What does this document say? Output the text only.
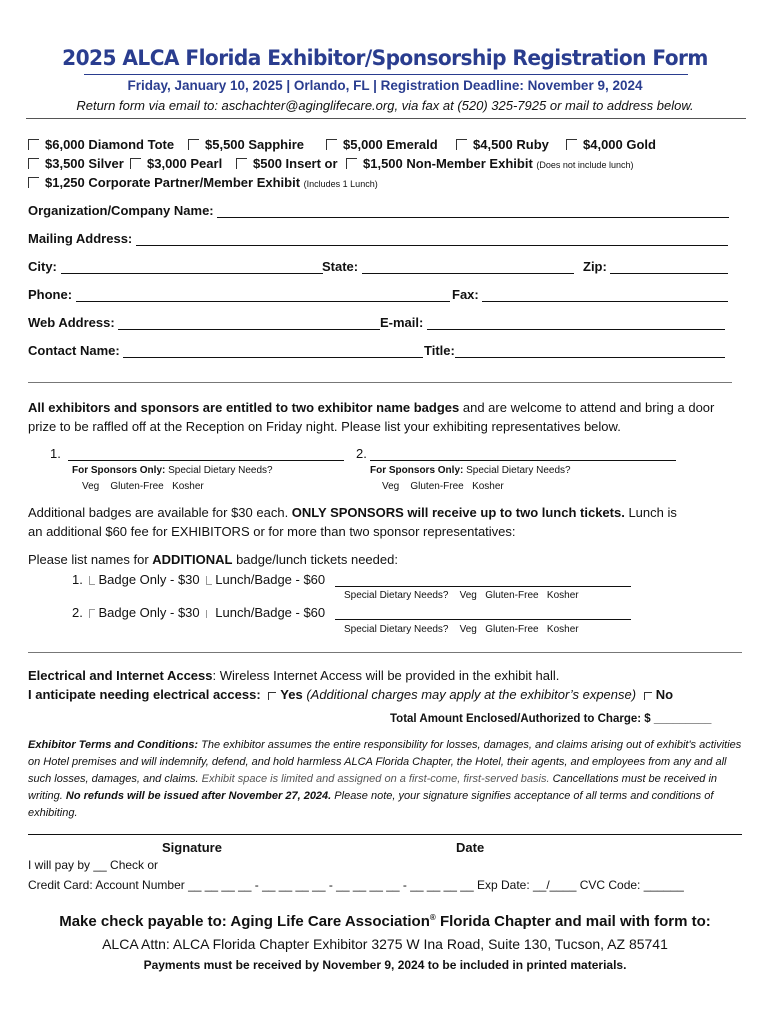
2025 ALCA Florida Exhibitor/Sponsorship Registration Form
Friday, January 10, 2025 | Orlando, FL | Registration Deadline: November 9, 2024
Return form via email to: aschachter@aginglifecare.org, via fax at (520) 325-7925 or mail to address below.
$6,000 Diamond Tote	$5,500 Sapphire	$5,000 Emerald	$4,500 Ruby	$4,000 Gold
$3,500 Silver	$3,000 Pearl	$500 Insert or	$1,500 Non-Member Exhibit (Does not include lunch)
$1,250 Corporate Partner/Member Exhibit (Includes 1 Lunch)
Organization/Company Name:
Mailing Address:
City:	State:	Zip:
Phone:	Fax:
Web Address:	E-mail:
Contact Name:	Title:
All exhibitors and sponsors are entitled to two exhibitor name badges and are welcome to attend and bring a door
prize to be raffled off at the Reception on Friday night. Please list your exhibiting representatives below.
1.	2.
For Sponsors Only: Special Dietary Needs?
Veg Gluten-Free Kosher
For Sponsors Only: Special Dietary Needs?
Veg Gluten-Free Kosher
Additional badges are available for $30 each. ONLY SPONSORS will receive up to two lunch tickets. Lunch is
an additional $60 fee for EXHIBITORS or for more than two sponsor representatives:
Please list names for ADDITIONAL badge/lunch tickets needed:
1. Badge Only - $30 Lunch/Badge - $60
Special Dietary Needs? Veg Gluten-Free Kosher
2. Badge Only - $30 Lunch/Badge - $60
Special Dietary Needs? Veg Gluten-Free Kosher
Electrical and Internet Access: Wireless Internet Access will be provided in the exhibit hall.
I anticipate needing electrical access: Yes (Additional charges may apply at the exhibitor’s expense) No
Total Amount Enclosed/Authorized to Charge: $ _________
Exhibitor Terms and Conditions: The exhibitor assumes the entire responsibility for losses, damages, and claims arising out of exhibit's activities on Hotel premises and will indemnify, defend, and hold harmless ALCA Florida Chapter, the Hotel, their agents, and employees from any and all such losses, damages, and claims. Exhibit space is limited and assigned on a first-come, first-served basis. Cancellations must be received in writing. No refunds will be issued after November 27, 2024. Please note, your signature signifies acceptance of all terms and conditions of exhibiting.
Signature	Date
I will pay by __ Check or
Credit Card: Account Number __ __ __ __ - __ __ __ __ - __ __ __ __ - __ __ __ __ Exp Date: __/____ CVC Code: ______
Make check payable to: Aging Life Care Association® Florida Chapter and mail with form to:
ALCA Attn: ALCA Florida Chapter Exhibitor 3275 W Ina Road, Suite 130, Tucson, AZ 85741
Payments must be received by November 9, 2024 to be included in printed materials.
